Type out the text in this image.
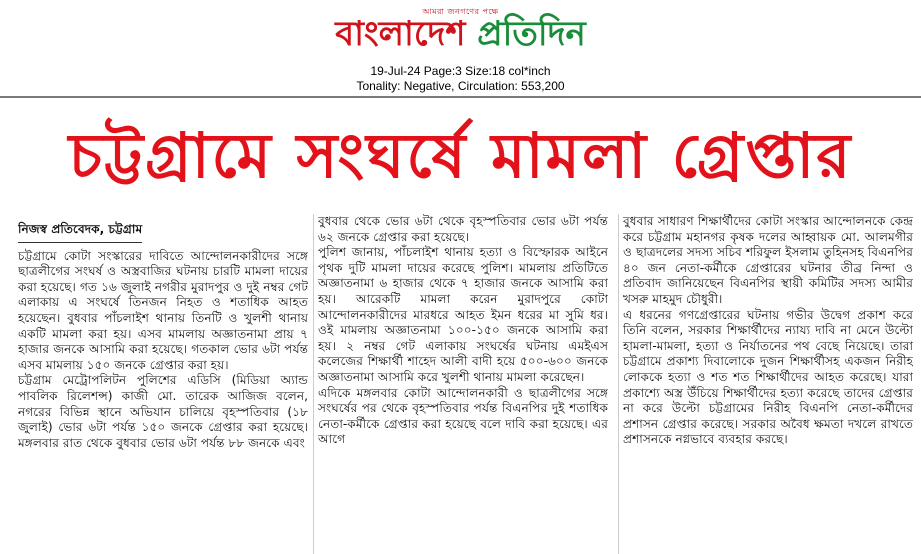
আমরা জনগণের পক্ষে
বাংলাদেশ প্রতিদিন
19-Jul-24 Page:3 Size:18 col*inch
Tonality: Negative, Circulation: 553,200
চট্টগ্রামে সংঘর্ষে মামলা গ্রেপ্তার
নিজস্ব প্রতিবেদক, চট্টগ্রাম

চট্টগ্রামে কোটা সংস্কারের দাবিতে আন্দোলনকারীদের সঙ্গে ছাত্রলীগের সংঘর্ষ ও অস্ত্রবাজির ঘটনায় চারটি মামলা দায়ের করা হয়েছে। গত ১৬ জুলাই নগরীর মুরাদপুর ও দুই নম্বর গেট এলাকায় এ সংঘর্ষে তিনজন নিহত ও শতাধিক আহত হয়েছেন। বুধবার পাঁচলাইশ থানায় তিনটি ও খুলশী থানায় একটি মামলা করা হয়। এসব মামলায় অজ্ঞাতনামা প্রায় ৭ হাজার জনকে আসামি করা হয়েছে। গতকাল ভোর ৬টা পর্যন্ত এসব মামলায় ১৫০ জনকে গ্রেপ্তার করা হয়।

চট্টগ্রাম মেট্রোপলিটন পুলিশের এডিসি (মিডিয়া অ্যান্ড পাবলিক রিলেশন্স) কাজী মো. তারেক আজিজ বলেন, নগরের বিভিন্ন স্থানে অভিযান চালিয়ে বৃহস্পতিবার (১৮ জুলাই) ভোর ৬টা পর্যন্ত ১৫০ জনকে গ্রেপ্তার করা হয়েছে। মঙ্গলবার রাত থেকে বুধবার ভোর ৬টা পর্যন্ত ৮৮ জনকে এবং

বুধবার থেকে ভোর ৬টা থেকে বৃহস্পতিবার ভোর ৬টা পর্যন্ত ৬২ জনকে গ্রেপ্তার করা হয়েছে।

পুলিশ জানায়, পাঁচলাইশ থানায় হত্যা ও বিস্ফোরক আইনে পৃথক দুটি মামলা দায়ের করেছে পুলিশ। মামলায় প্রতিটিতে অজ্ঞাতনামা ৬ হাজার থেকে ৭ হাজার জনকে আসামি করা হয়। আরেকটি মামলা করেন মুরাদপুরে কোটা আন্দোলনকারীদের মারধরে আহত ইমন ধরের মা সুমি ধর। ওই মামলায় অজ্ঞাতনামা ১০০-১৫০ জনকে আসামি করা হয়। ২ নম্বর গেট এলাকায় সংঘর্ষের ঘটনায় এমইএস কলেজের শিক্ষার্থী শাহেদ আলী বাদী হয়ে ৫০০-৬০০ জনকে অজ্ঞাতনামা আসামি করে খুলশী থানায় মামলা করেছেন।

এদিকে মঙ্গলবার কোটা আন্দোলনকারী ও ছাত্রলীগের সঙ্গে সংঘর্ষের পর থেকে বৃহস্পতিবার পর্যন্ত বিএনপির দুই শতাধিক নেতা-কর্মীকে গ্রেপ্তার করা হয়েছে বলে দাবি করা হয়েছে। এর আগে

বুধবার সাধারণ শিক্ষার্থীদের কোটা সংস্কার আন্দোলনকে কেন্দ্র করে চট্টগ্রাম মহানগর কৃষক দলের আহ্বায়ক মো. আলমগীর ও ছাত্রদলের সদস্য সচিব শরিফুল ইসলাম তুহিনসহ বিএনপির ৪০ জন নেতা-কর্মীকে গ্রেপ্তারের ঘটনার তীব্র নিন্দা ও প্রতিবাদ জানিয়েছেন বিএনপির স্থায়ী কমিটির সদস্য আমীর খসরু মাহমুদ চৌধুরী।

এ ধরনের গণগ্রেপ্তারের ঘটনায় গভীর উদ্বেগ প্রকাশ করে তিনি বলেন, সরকার শিক্ষার্থীদের ন্যায্য দাবি না মেনে উল্টো হামলা-মামলা, হত্যা ও নির্যাতনের পথ বেছে নিয়েছে। তারা চট্টগ্রামে প্রকাশ্য দিবালোকে দুজন শিক্ষার্থীসহ একজন নিরীহ লোককে হত্যা ও শত শত শিক্ষার্থীদের আহত করেছে। যারা প্রকাশ্যে অস্ত্র উঁচিয়ে শিক্ষার্থীদের হত্যা করেছে তাদের গ্রেপ্তার না করে উল্টো চট্টগ্রামের নিরীহ বিএনপি নেতা-কর্মীদের প্রশাসন গ্রেপ্তার করেছে। সরকার অবৈধ ক্ষমতা দখলে রাখতে প্রশাসনকে নগ্নভাবে ব্যবহার করছে।
